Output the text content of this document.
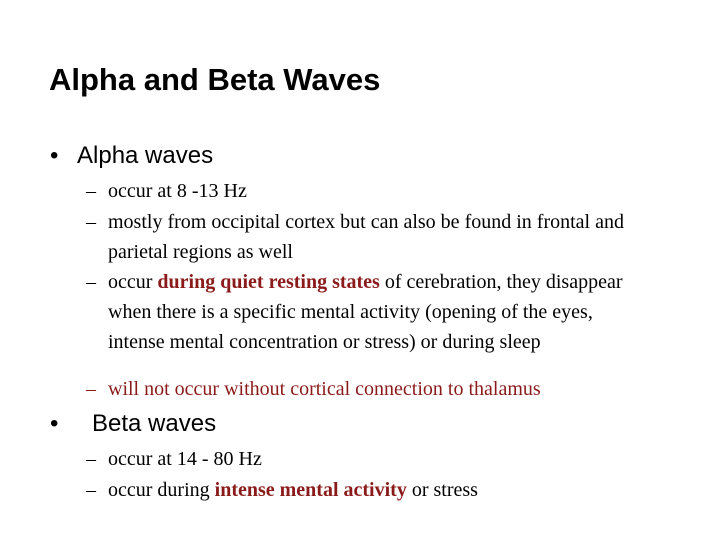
Alpha and Beta Waves
• Alpha waves
– occur at 8 -13 Hz
– mostly from occipital cortex but can also be found in frontal and parietal regions as well
– occur during quiet resting states of cerebration, they disappear when there is a specific mental activity (opening of the eyes, intense mental concentration or stress) or during sleep
– will not occur without cortical connection to thalamus
• Beta waves
– occur at 14 - 80 Hz
– occur during intense mental activity or stress
